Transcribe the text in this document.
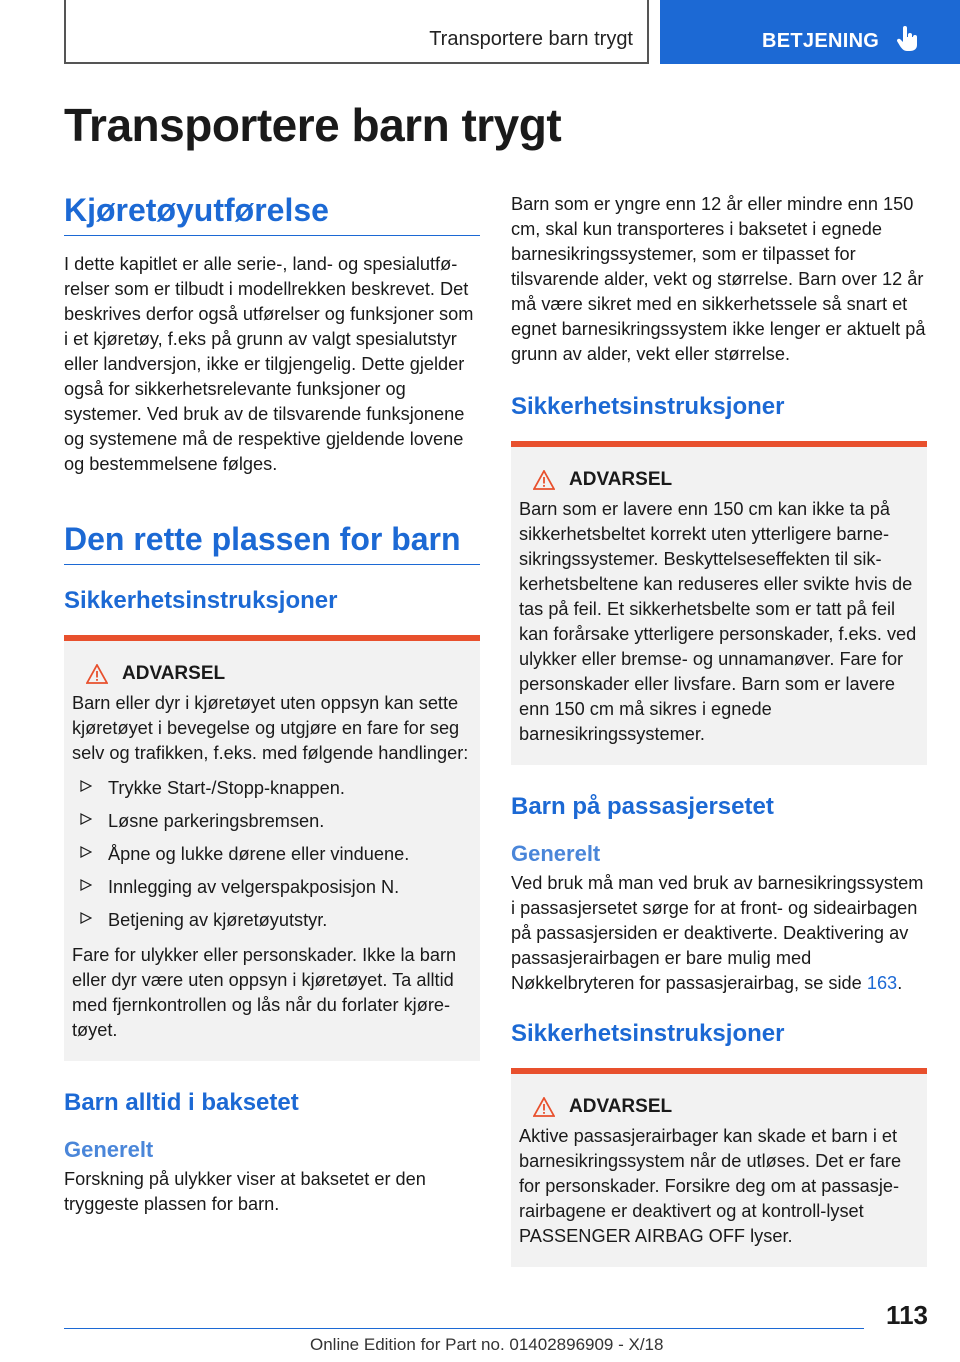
Transportere barn trygt	BETJENING
Transportere barn trygt
Kjøretøyutførelse

I dette kapitlet er alle serie-, land- og spesialutførelser som er tilbudt i modellrekken beskrevet. Det beskrives derfor også utførelser og funksjoner som i et kjøretøy, f.eks på grunn av valgt spesialutstyr eller landversjon, ikke er tilgjengelig. Dette gjelder også for sikkerhetsrelevante funksjoner og systemer. Ved bruk av de tilsvarende funksjonene og systemene må de respektive gjeldende lovene og bestemmelsene følges.

Den rette plassen for barn
Sikkerhetsinstruksjoner
ADVARSEL

Barn eller dyr i kjøretøyet uten oppsyn kan sette kjøretøyet i bevegelse og utgjøre en fare for seg selv og trafikken, f.eks. med følgende handlinger:

Trykke Start-/Stopp-knappen.
Løsne parkeringsbremsen.
Åpne og lukke dørene eller vinduene.
Innlegging av velgerspakposisjon N.
Betjening av kjøretøyutstyr.

Fare for ulykker eller personskader. Ikke la barn eller dyr være uten oppsyn i kjøretøyet. Ta alltid med fjernkontrollen og lås når du forlater kjøretøyet.

Barn alltid i baksetet
Generelt

Forskning på ulykker viser at baksetet er den tryggeste plassen for barn.

Barn som er yngre enn 12 år eller mindre enn 150 cm, skal kun transporteres i baksetet i egnede barnesikringssystemer, som er tilpasset for tilsvarende alder, vekt og størrelse. Barn over 12 år må være sikret med en sikkerhetssele så snart et egnet barnesikringssystem ikke lenger er aktuelt på grunn av alder, vekt eller størrelse.

Sikkerhetsinstruksjoner
ADVARSEL

Barn som er lavere enn 150 cm kan ikke ta på sikkerhetsbeltet korrekt uten ytterligere barnesikringssystemer. Beskyttelseseffekten til sikkerhetsbeltene kan reduseres eller svikte hvis de tas på feil. Et sikkerhetsbelte som er tatt på feil kan forårsake ytterligere personskader, f.eks. ved ulykker eller bremse- og unnamanøver. Fare for personskader eller livsfare. Barn som er lavere enn 150 cm må sikres i egnede barnesikringssystemer.

Barn på passasjersetet
Generelt

Ved bruk må man ved bruk av barnesikringssystem i passasjersetet sørge for at front- og sideairbagen på passasjersiden er deaktiverte. Deaktivering av passasjerairbagen er bare mulig med Nøkkelbryteren for passasjerairbag, se side 163.

Sikkerhetsinstruksjoner
ADVARSEL

Aktive passasjerairbager kan skade et barn i et barnesikringssystem når de utløses. Det er fare for personskader. Forsikre deg om at passasjerairbagene er deaktivert og at kontroll-lyset PASSENGER AIRBAG OFF lyser.

113
Online Edition for Part no. 01402896909 - X/18
